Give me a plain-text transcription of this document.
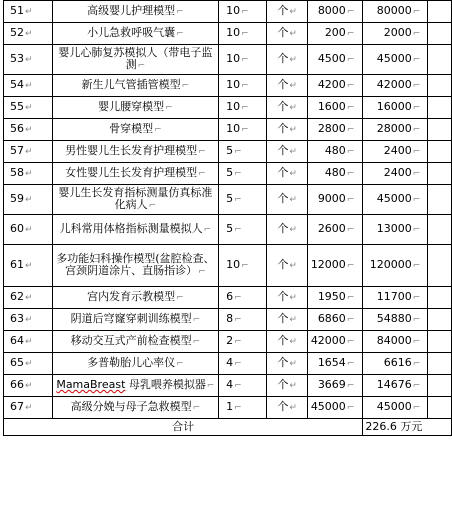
51↵	高级婴儿护理模型⌐	10⌐	个↵	8000⌐	80000⌐	
52↵	小儿急救呼吸气囊⌐	10⌐	个↵	200⌐	2000⌐	
53↵	婴儿心肺复苏模拟人（带电子监测⌐	10⌐	个↵	4500⌐	45000⌐	
54↵	新生儿气管插管模型⌐	10⌐	个↵	4200⌐	42000⌐	
55↵	婴儿腰穿模型⌐	10⌐	个↵	1600⌐	16000⌐	
56↵	骨穿模型⌐	10⌐	个↵	2800⌐	28000⌐	
57↵	男性婴儿生长发育护理模型⌐	5⌐	个↵	480⌐	2400⌐	
58↵	女性婴儿生长发育护理模型⌐	5⌐	个↵	480⌐	2400⌐	
59↵	婴儿生长发育指标测量仿真标准化病人⌐	5⌐	个↵	9000⌐	45000⌐	
60↵	儿科常用体格指标测量模拟人⌐	5⌐	个↵	2600⌐	13000⌐	
61↵	多功能妇科操作模型(盆腔检查、宫颈阴道涂片、直肠指诊）⌐	10⌐	个↵	12000⌐	120000⌐	
62↵	宫内发育示教模型⌐	6⌐	个↵	1950⌐	11700⌐	
63↵	阴道后穹窿穿刺训练模型⌐	8⌐	个↵	6860⌐	54880⌐	
64↵	移动交互式产前检查模型⌐	2⌐	个↵	42000⌐	84000⌐	
65↵	多普勒胎儿心率仪⌐	4⌐	个↵	1654⌐	6616⌐	
66↵	MamaBreast 母乳喂养模拟器⌐	4⌐	个↵	3669⌐	14676⌐	
67↵	高级分娩与母子急救模型⌐	1⌐	个↵	45000⌐	45000⌐	
合计					226.6 万元	
